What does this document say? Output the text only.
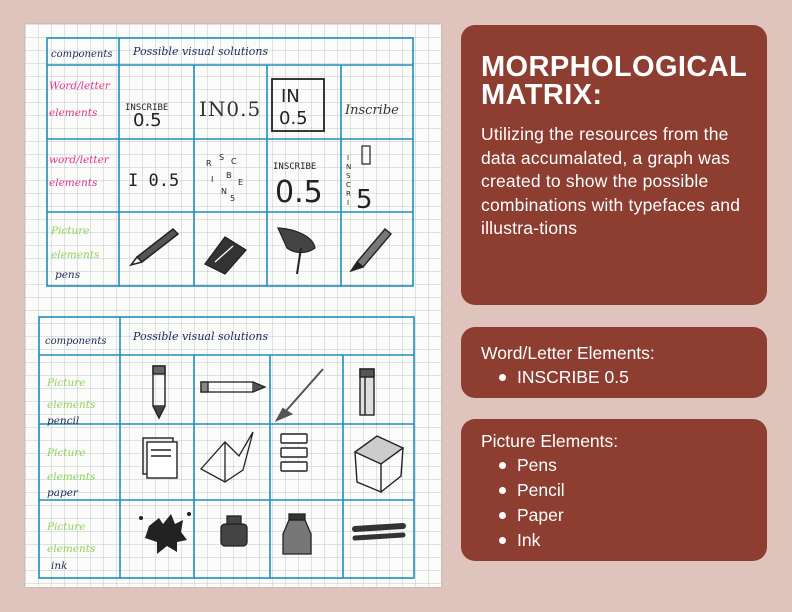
components Possible visual solutions
Word/letter
elements
word/letter
elements
Picture
elements
pens
INSCRIBE
0.5 IN0.5
IN
0.5	Inscribe
I 0.5
R
S C
I B
E
N
5
INSCRIBE
0.5
I
N
S
C
R
I 5
components Possible visual solutions
Picture
elements
pencil
Picture
elements
paper
Picture
elements
ink
MORPHOLOGICAL MATRIX:

Utilizing the resources from the data accumalated, a graph was created to show the possible combinations with typefaces and illustra-tions

Word/Letter Elements:
INSCRIBE 0.5
Picture Elements:
Pens
Pencil
Paper
Ink
